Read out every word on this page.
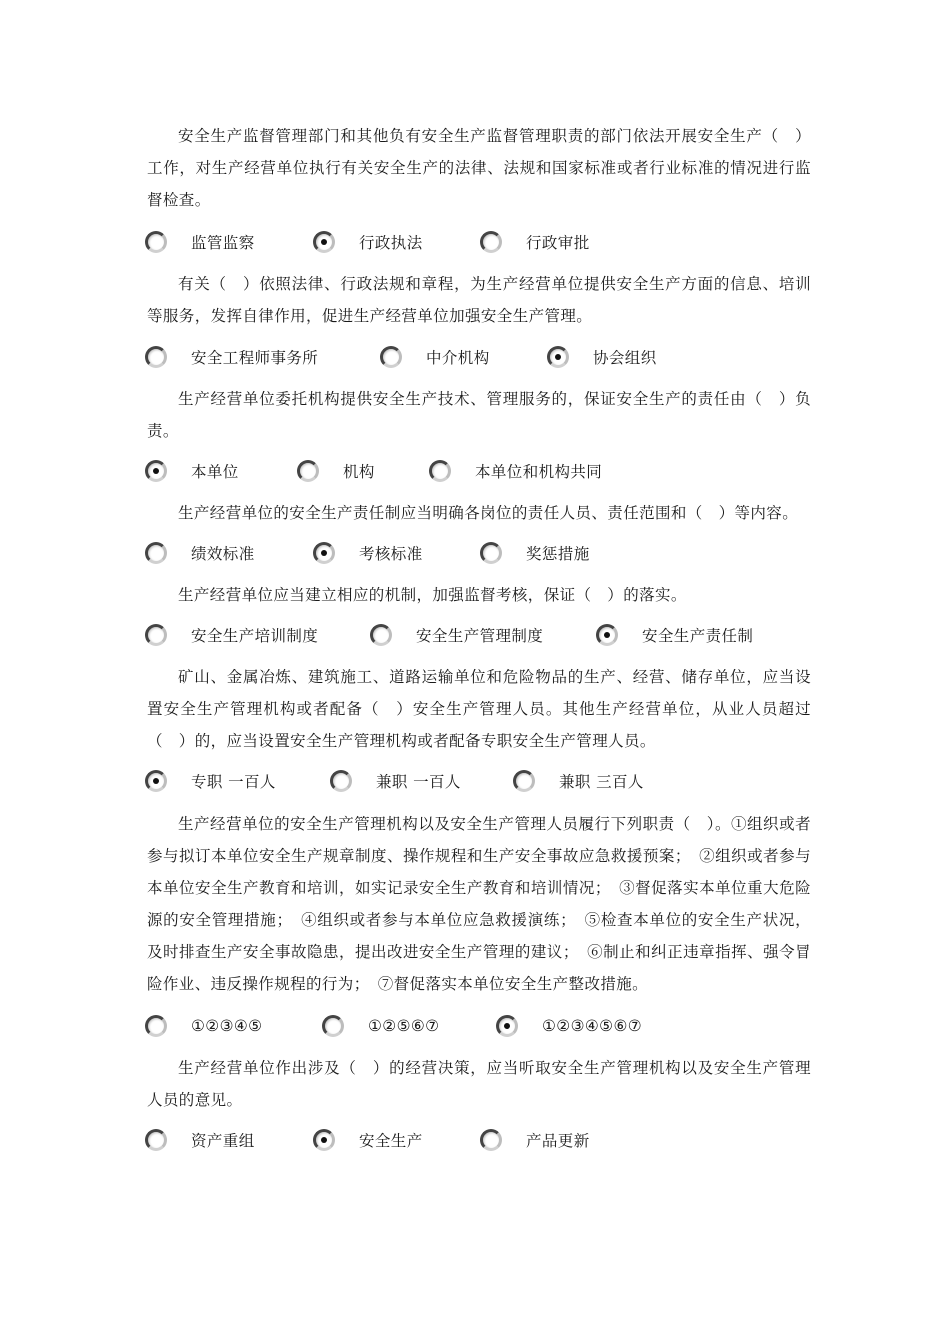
安全生产监督管理部门和其他负有安全生产监督管理职责的部门依法开展安全生产（　）工作，对生产经营单位执行有关安全生产的法律、法规和国家标准或者行业标准的情况进行监督检查。
监管监察	行政执法	行政审批
有关（　）依照法律、行政法规和章程，为生产经营单位提供安全生产方面的信息、培训等服务，发挥自律作用，促进生产经营单位加强安全生产管理。
安全工程师事务所	中介机构	协会组织
生产经营单位委托机构提供安全生产技术、管理服务的，保证安全生产的责任由（　）负责。
本单位	机构	本单位和机构共同
生产经营单位的安全生产责任制应当明确各岗位的责任人员、责任范围和（　）等内容。
绩效标准	考核标准	奖惩措施
生产经营单位应当建立相应的机制，加强监督考核，保证（　）的落实。
安全生产培训制度	安全生产管理制度	安全生产责任制
矿山、金属冶炼、建筑施工、道路运输单位和危险物品的生产、经营、储存单位，应当设置安全生产管理机构或者配备（　）安全生产管理人员。其他生产经营单位，从业人员超过（　）的，应当设置安全生产管理机构或者配备专职安全生产管理人员。
专职 一百人	兼职 一百人	兼职 三百人
生产经营单位的安全生产管理机构以及安全生产管理人员履行下列职责（　）。①组织或者参与拟订本单位安全生产规章制度、操作规程和生产安全事故应急救援预案；　②组织或者参与本单位安全生产教育和培训，如实记录安全生产教育和培训情况；　③督促落实本单位重大危险源的安全管理措施；　④组织或者参与本单位应急救援演练；　⑤检查本单位的安全生产状况，及时排查生产安全事故隐患，提出改进安全生产管理的建议；　⑥制止和纠正违章指挥、强令冒险作业、违反操作规程的行为；　⑦督促落实本单位安全生产整改措施。
①②③④⑤	①②⑤⑥⑦	①②③④⑤⑥⑦
生产经营单位作出涉及（　）的经营决策，应当听取安全生产管理机构以及安全生产管理人员的意见。
资产重组	安全生产	产品更新
